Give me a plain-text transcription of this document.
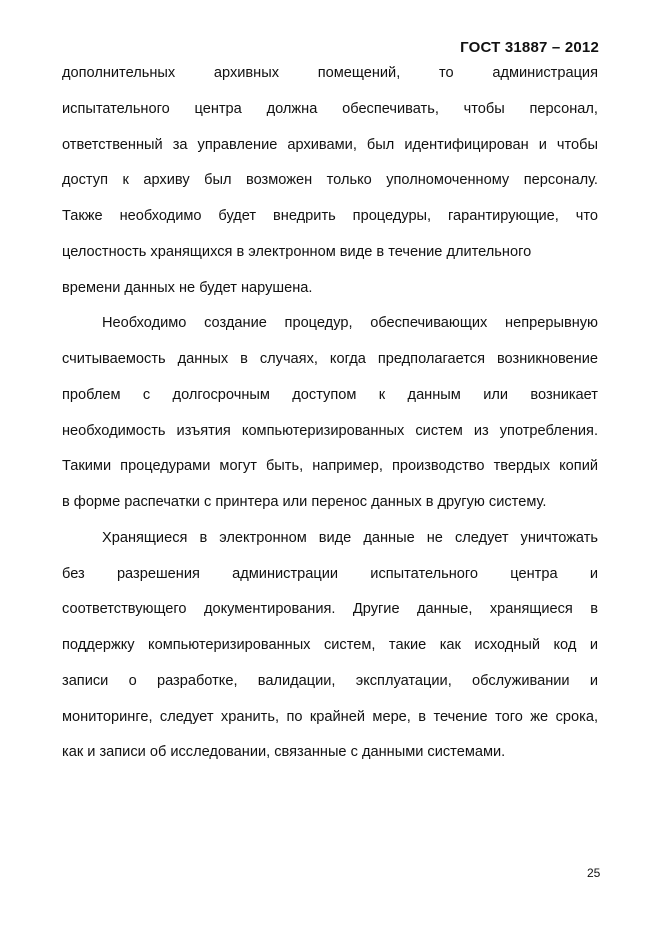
ГОСТ 31887 – 2012
дополнительных архивных помещений, то администрация
испытательного центра должна обеспечивать, чтобы персонал,
ответственный за управление архивами, был идентифицирован и чтобы
доступ к архиву был возможен только уполномоченному персоналу.
Также необходимо будет внедрить процедуры, гарантирующие, что
целостность хранящихся в электронном виде в течение длительного
времени данных не будет нарушена.
Необходимо создание процедур, обеспечивающих непрерывную
считываемость данных в случаях, когда предполагается возникновение
проблем с долгосрочным доступом к данным или возникает
необходимость изъятия компьютеризированных систем из употребления.
Такими процедурами могут быть, например, производство твердых копий
в форме распечатки с принтера или перенос данных в другую систему.
Хранящиеся в электронном виде данные не следует уничтожать
без разрешения администрации испытательного центра и
соответствующего документирования. Другие данные, хранящиеся в
поддержку компьютеризированных систем, такие как исходный код и
записи о разработке, валидации, эксплуатации, обслуживании и
мониторинге, следует хранить, по крайней мере, в течение того же срока,
как и записи об исследовании, связанные с данными системами.
25
